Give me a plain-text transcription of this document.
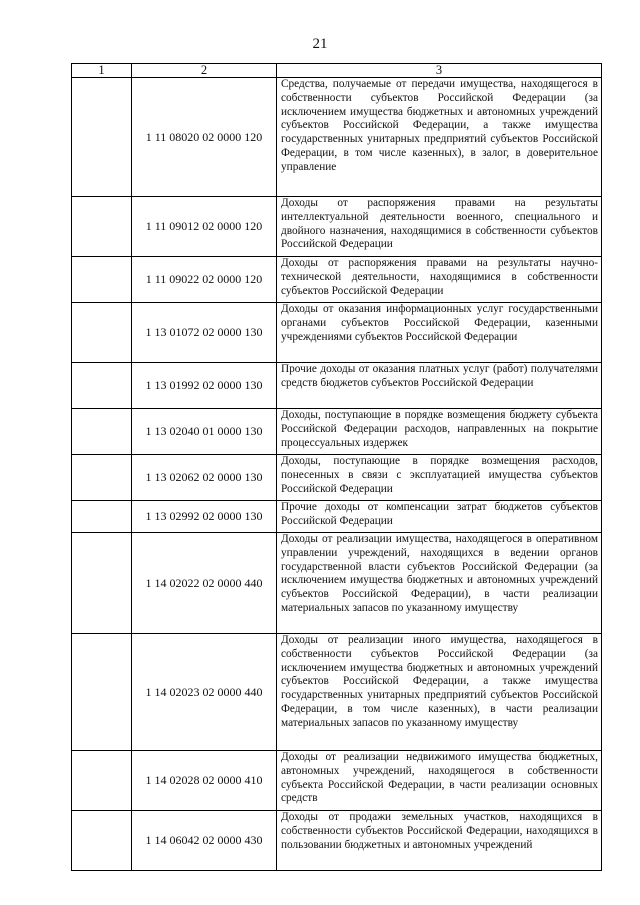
21
1	2	3
	1 11 08020 02 0000 120	Средства, получаемые от передачи имущества, находящегося в собственности субъектов Российской Федерации (за исключением имущества бюджетных и автономных учреждений субъектов Российской Федерации, а также имущества государственных унитарных предприятий субъектов Российской Федерации, в том числе казенных), в залог, в доверительное управление
	1 11 09012 02 0000 120	Доходы от распоряжения правами на результаты интеллектуальной деятельности военного, специального и двойного назначения, находящимися в собственности субъектов Российской Федерации
	1 11 09022 02 0000 120	Доходы от распоряжения правами на результаты научно-технической деятельности, находящимися в собственности субъектов Российской Федерации
	1 13 01072 02 0000 130	Доходы от оказания информационных услуг государственными органами субъектов Российской Федерации, казенными учреждениями субъектов Российской Федерации
	1 13 01992 02 0000 130	Прочие доходы от оказания платных услуг (работ) получателями средств бюджетов субъектов Российской Федерации
	1 13 02040 01 0000 130	Доходы, поступающие в порядке возмещения бюджету субъекта Российской Федерации расходов, направленных на покрытие процессуальных издержек
	1 13 02062 02 0000 130	Доходы, поступающие в порядке возмещения расходов, понесенных в связи с эксплуатацией имущества субъектов Российской Федерации
	1 13 02992 02 0000 130	Прочие доходы от компенсации затрат бюджетов субъектов Российской Федерации
	1 14 02022 02 0000 440	Доходы от реализации имущества, находящегося в оперативном управлении учреждений, находящихся в ведении органов государственной власти субъектов Российской Федерации (за исключением имущества бюджетных и автономных учреждений субъектов Российской Федерации), в части реализации материальных запасов по указанному имуществу
	1 14 02023 02 0000 440	Доходы от реализации иного имущества, находящегося в собственности субъектов Российской Федерации (за исключением имущества бюджетных и автономных учреждений субъектов Российской Федерации, а также имущества государственных унитарных предприятий субъектов Российской Федерации, в том числе казенных), в части реализации материальных запасов по указанному имуществу
	1 14 02028 02 0000 410	Доходы от реализации недвижимого имущества бюджетных, автономных учреждений, находящегося в собственности субъекта Российской Федерации, в части реализации основных средств
	1 14 06042 02 0000 430	Доходы от продажи земельных участков, находящихся в собственности субъектов Российской Федерации, находящихся в пользовании бюджетных и автономных учреждений
